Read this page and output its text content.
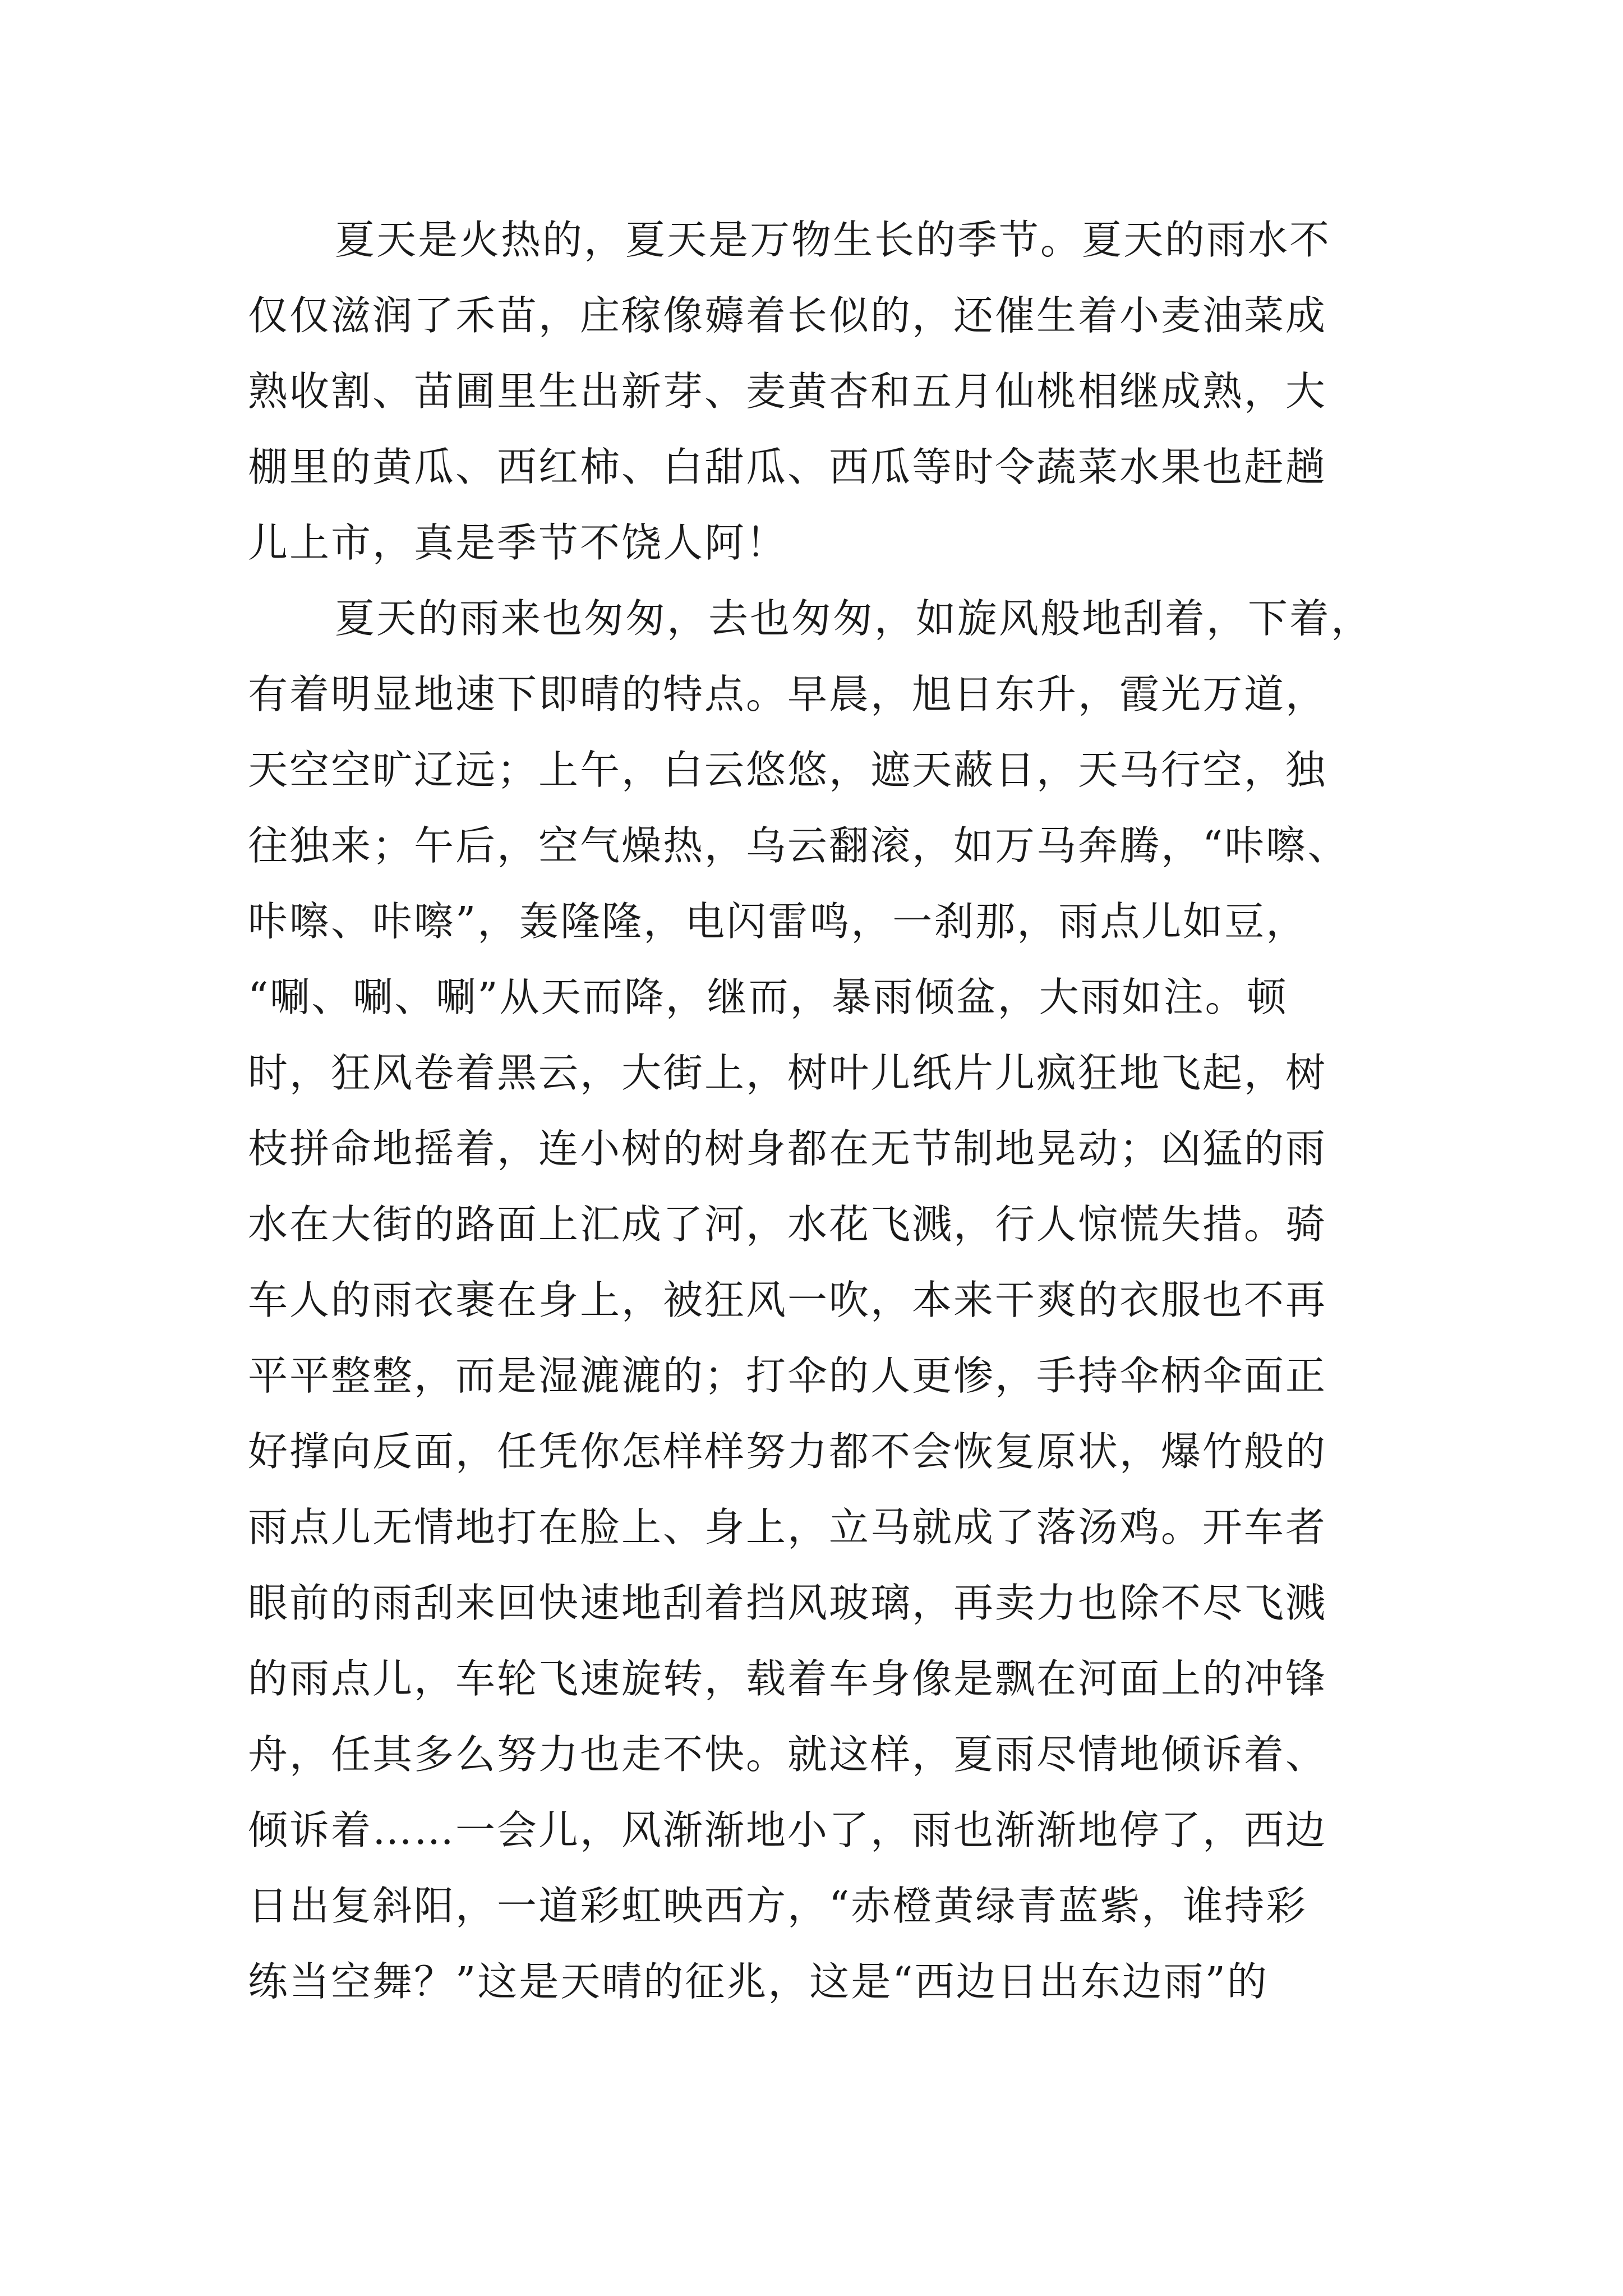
夏天是火热的，夏天是万物生长的季节。夏天的雨水不
仅仅滋润了禾苗，庄稼像薅着长似的，还催生着小麦油菜成
熟收割、苗圃里生出新芽、麦黄杏和五月仙桃相继成熟，大
棚里的黄瓜、西红柿、白甜瓜、西瓜等时令蔬菜水果也赶趟
儿上市，真是季节不饶人阿！
夏天的雨来也匆匆，去也匆匆，如旋风般地刮着，下着，
有着明显地速下即晴的特点。早晨，旭日东升，霞光万道，
天空空旷辽远；上午，白云悠悠，遮天蔽日，天马行空，独
往独来；午后，空气燥热，乌云翻滚，如万马奔腾，“咔嚓、
咔嚓、咔嚓”，轰隆隆，电闪雷鸣，一刹那，雨点儿如豆，
“唰、唰、唰”从天而降，继而，暴雨倾盆，大雨如注。顿
时，狂风卷着黑云，大街上，树叶儿纸片儿疯狂地飞起，树
枝拼命地摇着，连小树的树身都在无节制地晃动；凶猛的雨
水在大街的路面上汇成了河，水花飞溅，行人惊慌失措。骑
车人的雨衣裹在身上，被狂风一吹，本来干爽的衣服也不再
平平整整，而是湿漉漉的；打伞的人更惨，手持伞柄伞面正
好撑向反面，任凭你怎样样努力都不会恢复原状，爆竹般的
雨点儿无情地打在脸上、身上，立马就成了落汤鸡。开车者
眼前的雨刮来回快速地刮着挡风玻璃，再卖力也除不尽飞溅
的雨点儿，车轮飞速旋转，载着车身像是飘在河面上的冲锋
舟，任其多么努力也走不快。就这样，夏雨尽情地倾诉着、
倾诉着……一会儿，风渐渐地小了，雨也渐渐地停了，西边
日出复斜阳，一道彩虹映西方，“赤橙黄绿青蓝紫，谁持彩
练当空舞？”这是天晴的征兆，这是“西边日出东边雨”的
